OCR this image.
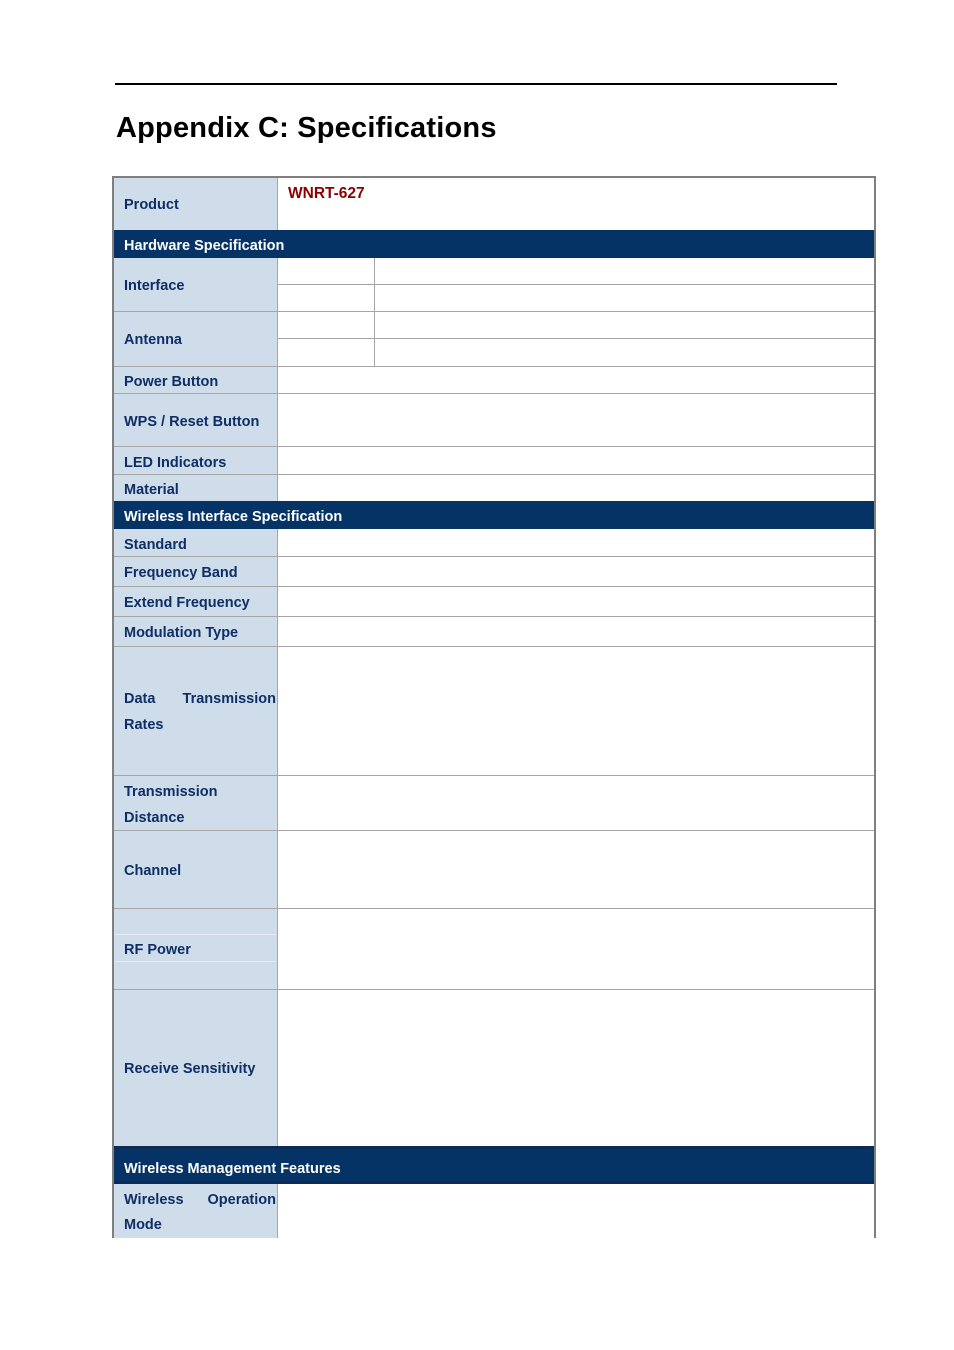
Appendix C: Specifications
Product
WNRT-627
Hardware Specification
Interface
Antenna
Power Button
WPS / Reset Button
LED Indicators
Material
Wireless Interface Specification
Standard
Frequency Band
Extend Frequency
Modulation Type
Data Transmission
Rates
Transmission
Distance
Channel
RF Power
Receive Sensitivity
Wireless Management Features
Wireless Operation
Mode
